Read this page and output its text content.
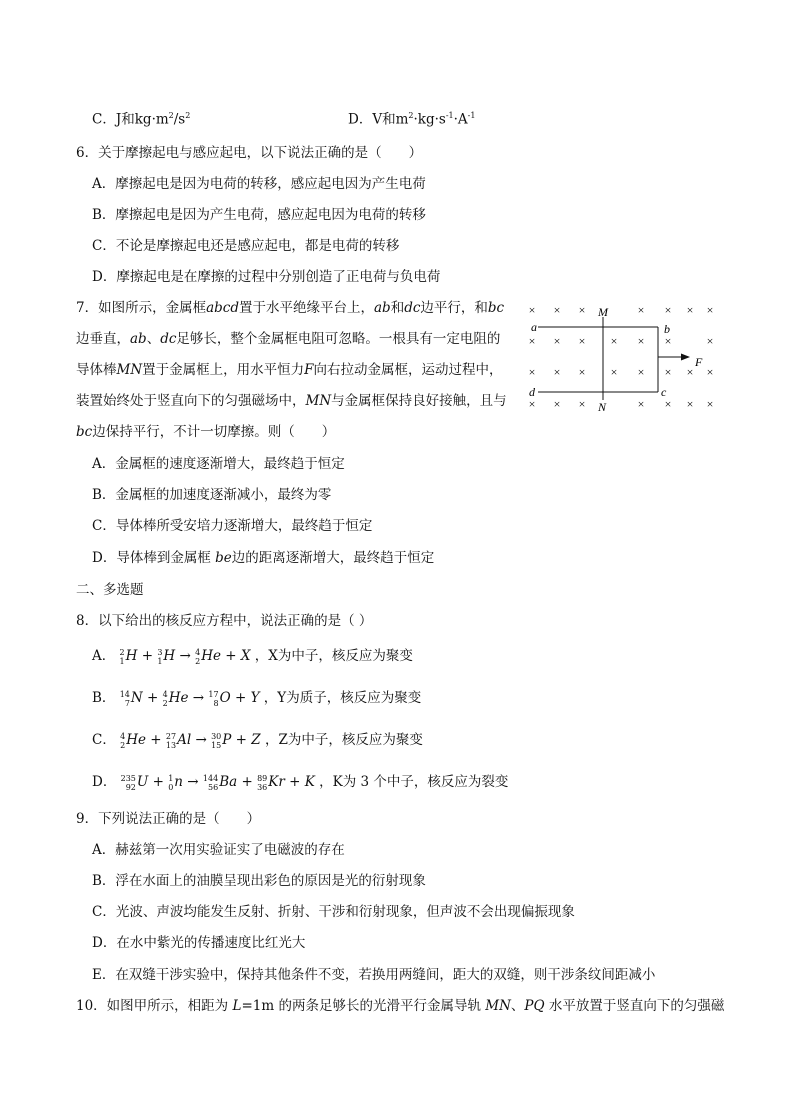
C．J和$kg\cdot m^2/s^2$	D．V和$m^2\cdot kg\cdot s^{-1}\cdot A^{-1}$
6．关于摩擦起电与感应起电，以下说法正确的是（　　）
A．摩擦起电是因为电荷的转移，感应起电因为产生电荷
B．摩擦起电是因为产生电荷，感应起电因为电荷的转移
C．不论是摩擦起电还是感应起电，都是电荷的转移
D．摩擦起电是在摩擦的过程中分别创造了正电荷与负电荷
7．如图所示，金属框abcd置于水平绝缘平台上，ab和dc边平行，和bc
边垂直，ab、dc足够长，整个金属框电阻可忽略。一根具有一定电阻的
导体棒MN置于金属框上，用水平恒力F向右拉动金属框，运动过程中，
装置始终处于竖直向下的匀强磁场中，MN与金属框保持良好接触，且与
bc边保持平行，不计一切摩擦。则（　　）
A．金属框的速度逐渐增大，最终趋于恒定
B．金属框的加速度逐渐减小，最终为零
C．导体棒所受安培力逐渐增大，最终趋于恒定
D．导体棒到金属框 be边的距离逐渐增大，最终趋于恒定
× × ×	× × × ×
× × × × × ×	×
× × × × × × × ×
× × ×	× × × ×
a	b
c
d
M
N
F
二、多选题
8．以下给出的核反应方程中，说法正确的是（ ）
A． 2
1 H + 3
1 H → 4
2 He + X ，X为中子，核反应为聚变
B． 14
7 N + 4
2 He → 17
8 O + Y ，Y为质子，核反应为聚变
C． 4
2 He + 27
13 Al → 30
15 P + Z ，Z为中子，核反应为聚变
D． 235
92 U + 1
0 n → 144
56 Ba + 89
36 Kr + K ，K为 3 个中子，核反应为裂变
9．下列说法正确的是（　　）
A．赫兹第一次用实验证实了电磁波的存在
B．浮在水面上的油膜呈现出彩色的原因是光的衍射现象
C．光波、声波均能发生反射、折射、干涉和衍射现象，但声波不会出现偏振现象
D．在水中紫光的传播速度比红光大
E．在双缝干涉实验中，保持其他条件不变，若换用两缝间，距大的双缝，则干涉条纹间距减小
10．如图甲所示，相距为 L=1m 的两条足够长的光滑平行金属导轨 MN、PQ 水平放置于竖直向下的匀强磁
